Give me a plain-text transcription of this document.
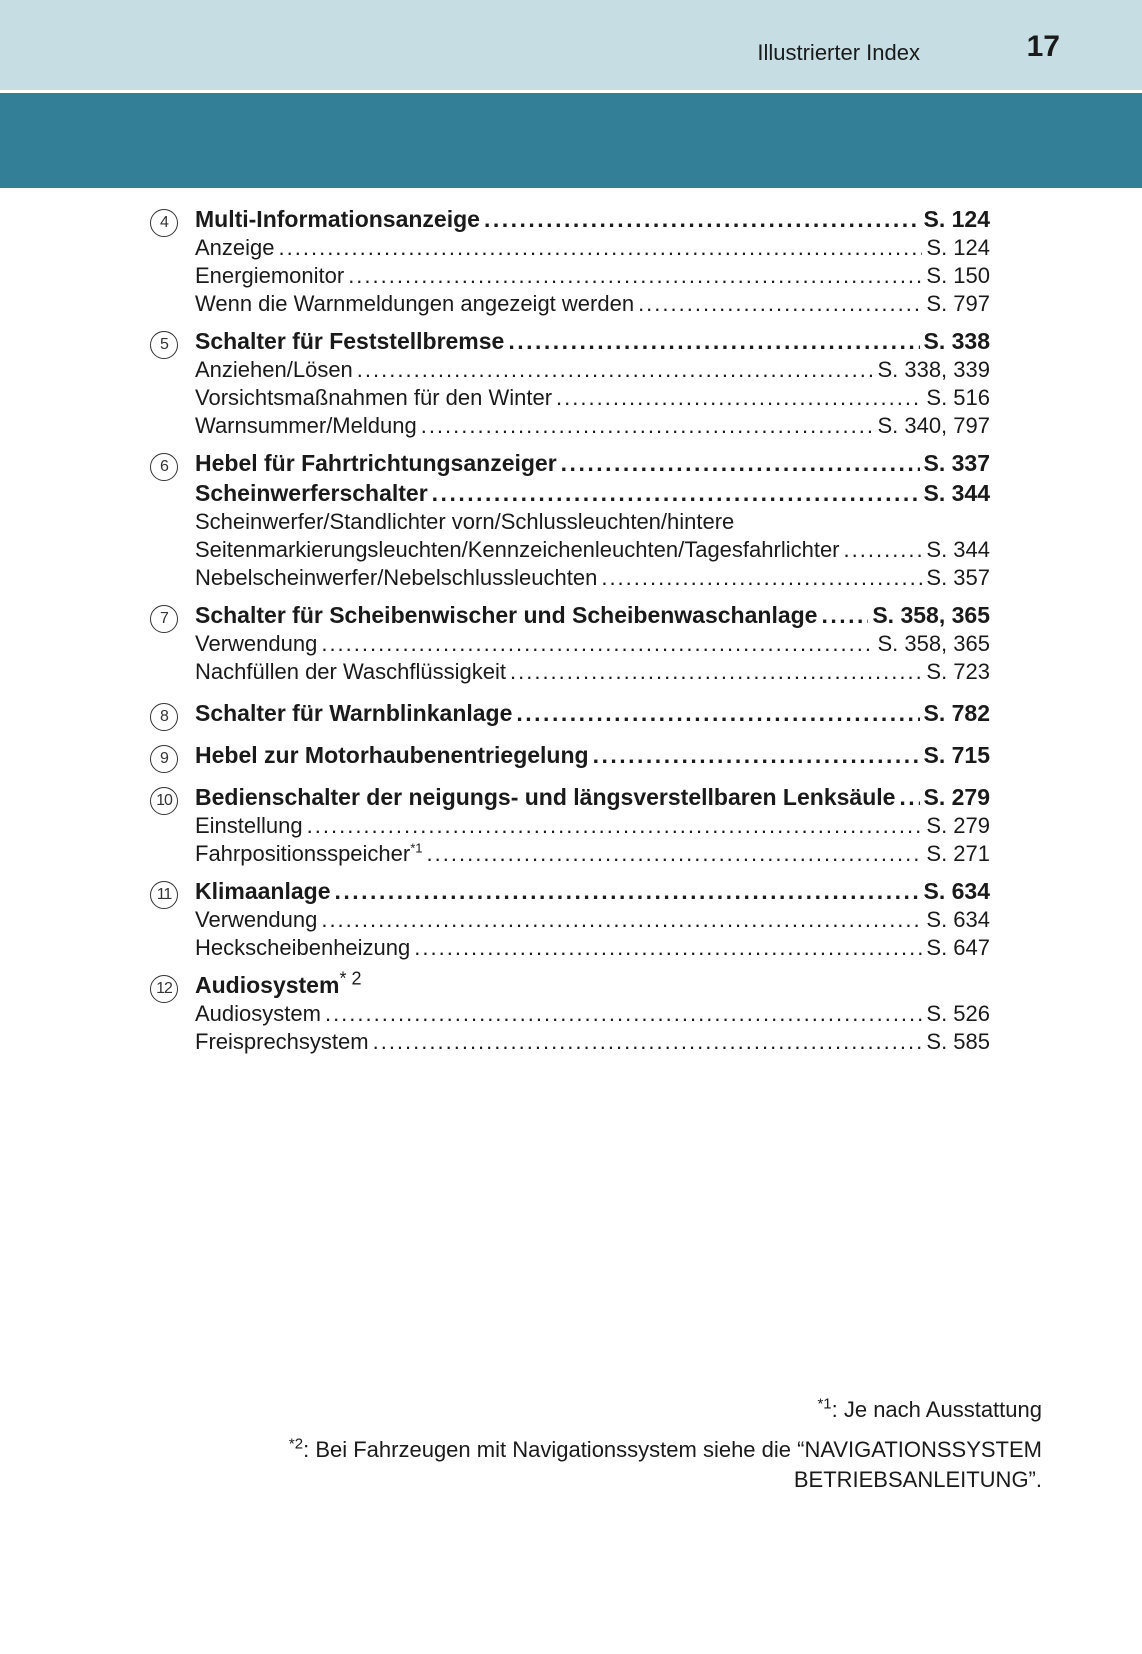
Illustrierter Index	17
4	Multi-Informationsanzeige .....	S. 124
Anzeige .....	S. 124
Energiemonitor .....	S. 150
Wenn die Warnmeldungen angezeigt werden .....	S. 797
5	Schalter für Feststellbremse .....	S. 338
Anziehen/Lösen .....	S. 338, 339
Vorsichtsmaßnahmen für den Winter .....	S. 516
Warnsummer/Meldung .....	S. 340, 797
6	Hebel für Fahrtrichtungsanzeiger .....	S. 337
Scheinwerferschalter .....	S. 344
Scheinwerfer/Standlichter vorn/Schlussleuchten/hintere
Seitenmarkierungsleuchten/Kennzeichenleuchten/Tagesfahrlichter .....	S. 344
Nebelscheinwerfer/Nebelschlussleuchten .....	S. 357
7	Schalter für Scheibenwischer und Scheibenwaschanlage ..... S. 358, 365
Verwendung .....	S. 358, 365
Nachfüllen der Waschflüssigkeit .....	S. 723
8	Schalter für Warnblinkanlage .....	S. 782
9	Hebel zur Motorhaubenentriegelung .....	S. 715
10 Bedienschalter der neigungs- und längsverstellbaren Lenksäule ..... S. 279
Einstellung .....	S. 279
Fahrpositionsspeicher$^{*1}$ .....	S. 271
11 Klimaanlage .....	S. 634
Verwendung .....	S. 634
Heckscheibenheizung .....	S. 647
12 Audiosystem$^{* 2}$
Audiosystem .....	S. 526
Freisprechsystem .....	S. 585
$^{*1}$: Je nach Ausstattung
$^{*2}$: Bei Fahrzeugen mit Navigationssystem siehe die “NAVIGATIONSSYSTEM
BETRIEBSANLEITUNG”.
